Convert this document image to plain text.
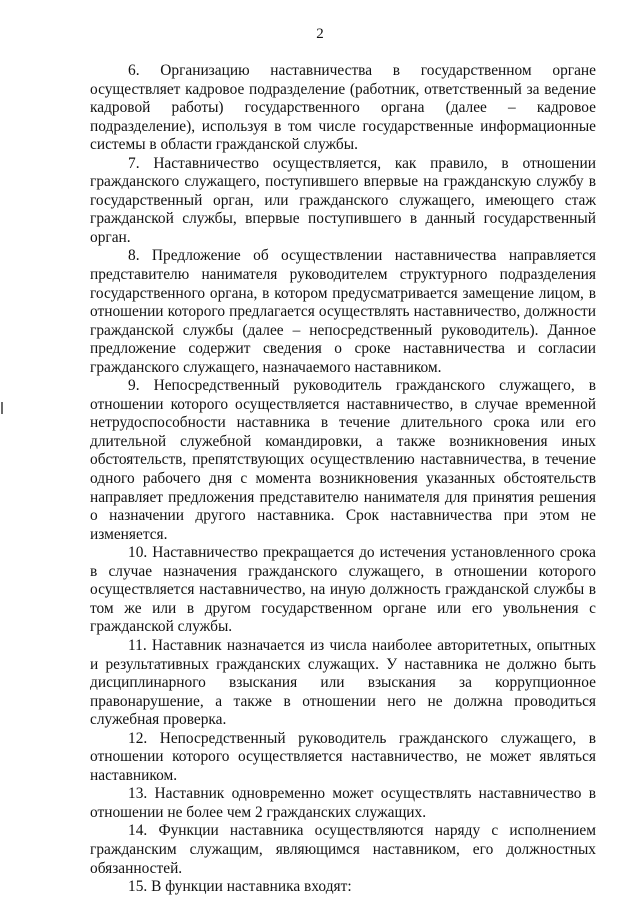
2

6. Организацию наставничества в государственном органе осуществляет кадровое подразделение (работник, ответственный за ведение кадровой работы) государственного органа (далее – кадровое подразделение), используя в том числе государственные информационные системы в области гражданской службы.

7. Наставничество осуществляется, как правило, в отношении гражданского служащего, поступившего впервые на гражданскую службу в государственный орган, или гражданского служащего, имеющего стаж гражданской службы, впервые поступившего в данный государственный орган.

8. Предложение об осуществлении наставничества направляется представителю нанимателя руководителем структурного подразделения государственного органа, в котором предусматривается замещение лицом, в отношении которого предлагается осуществлять наставничество, должности гражданской службы (далее – непосредственный руководитель). Данное предложение содержит сведения о сроке наставничества и согласии гражданского служащего, назначаемого наставником.

9. Непосредственный руководитель гражданского служащего, в отношении которого осуществляется наставничество, в случае временной нетрудоспособности наставника в течение длительного срока или его длительной служебной командировки, а также возникновения иных обстоятельств, препятствующих осуществлению наставничества, в течение одного рабочего дня с момента возникновения указанных обстоятельств направляет предложения представителю нанимателя для принятия решения о назначении другого наставника. Срок наставничества при этом не изменяется.

10. Наставничество прекращается до истечения установленного срока в случае назначения гражданского служащего, в отношении которого осуществляется наставничество, на иную должность гражданской службы в том же или в другом государственном органе или его увольнения с гражданской службы.

11. Наставник назначается из числа наиболее авторитетных, опытных и результативных гражданских служащих. У наставника не должно быть дисциплинарного взыскания или взыскания за коррупционное правонарушение, а также в отношении него не должна проводиться служебная проверка.

12. Непосредственный руководитель гражданского служащего, в отношении которого осуществляется наставничество, не может являться наставником.

13. Наставник одновременно может осуществлять наставничество в отношении не более чем 2 гражданских служащих.

14. Функции наставника осуществляются наряду с исполнением гражданским служащим, являющимся наставником, его должностных обязанностей.

15. В функции наставника входят:
